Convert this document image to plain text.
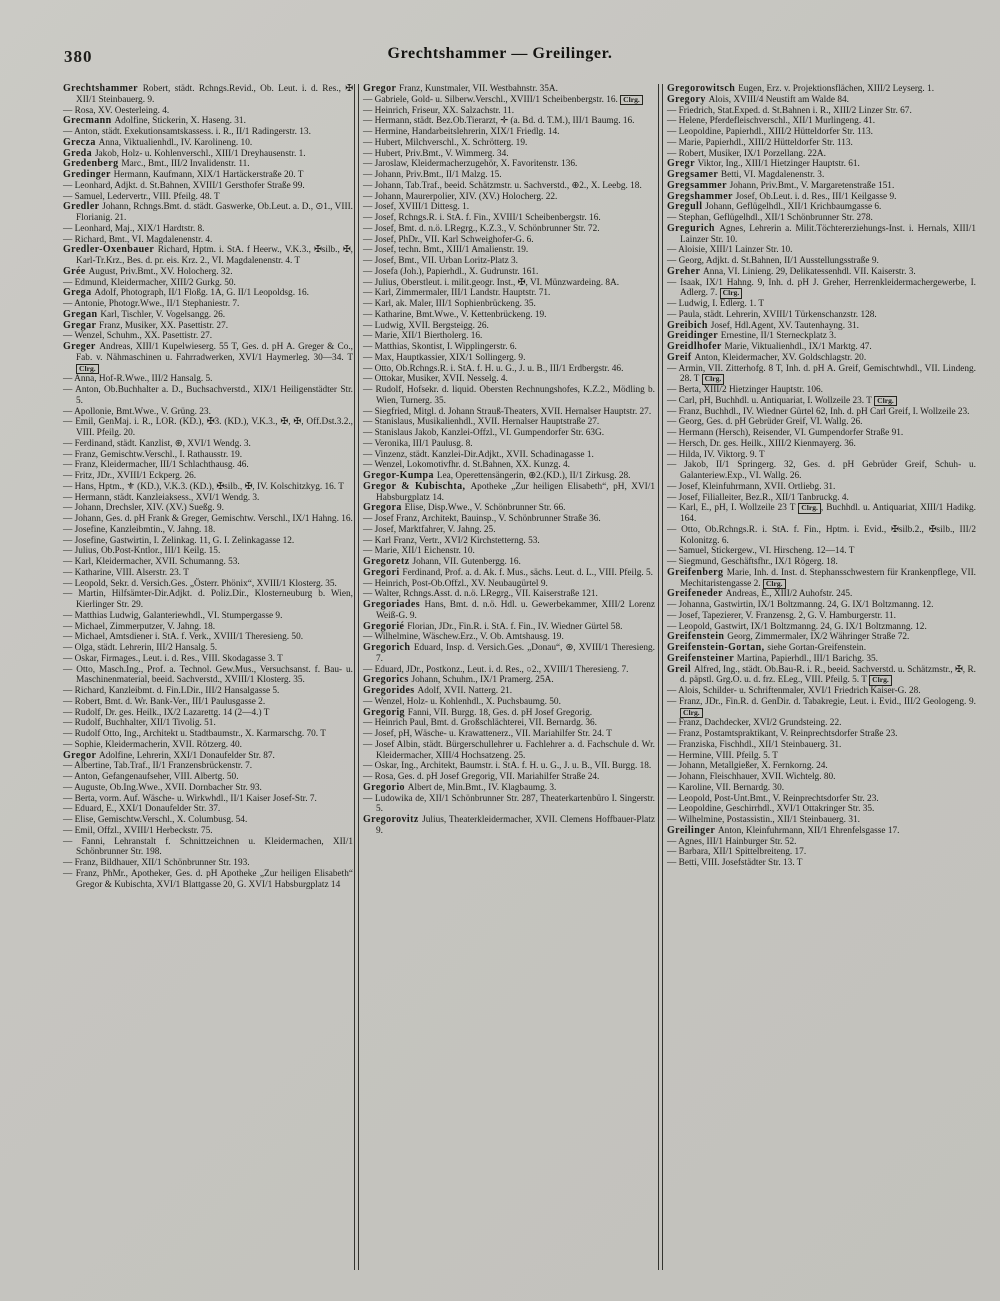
380	Grechtshammer — Greilinger.
Grechtshammer Robert, städt. Rchngs.Revid., Ob. Leut. i. d. Res., ✠ XII/1 Steinbauerg. 9.
— Rosa, XV. Oesterleing. 4.
Grecmann Adolfine, Stickerin, X. Haseng. 31.
— Anton, städt. Exekutionsamtskassess. i. R., II/1 Radingerstr. 13.
Grecza Anna, Viktualienhdl., IV. Karolineng. 10.
Greda Jakob, Holz- u. Kohlenverschl., XIII/1 Dreyhausenstr. 1.
Gredenberg Marc., Bmt., III/2 Invalidenstr. 11.
Gredinger Hermann, Kaufmann, XIX/1 Hartäckerstraße 20. T
— Leonhard, Adjkt. d. St.Bahnen, XVIII/1 Gersthofer Straße 99.
— Samuel, Ledervertr., VIII. Pfeilg. 48. T
Gredler Johann, Rchngs.Bmt. d. städt. Gaswerke, Ob.Leut. a. D., ⊙1., VIII. Florianig. 21.
— Leonhard, Maj., XIX/1 Hardtstr. 8.
— Richard, Bmt., VI. Magdalenenstr. 4.
Gredler-Oxenbauer Richard, Hptm. i. StA. f Heerw., V.K.3., ✠silb., ✠, Karl-Tr.Krz., Bes. d. pr. eis. Krz. 2., VI. Magdalenenstr. 4. T
Grée August, Priv.Bmt., XV. Holocherg. 32.
— Edmund, Kleidermacher, XIII/2 Gurkg. 50.
Grega Adolf, Photograph, II/1 Floßg. 1A, G. II/1 Leopoldsg. 16.
— Antonie, Photogr.Wwe., II/1 Stephaniestr. 7.
Gregan Karl, Tischler, V. Vogelsangg. 26.
Gregar Franz, Musiker, XX. Pasettistr. 27.
— Wenzel, Schuhm., XX. Pasettistr. 27.
Greger Andreas, XIII/1 Kupelwieserg. 55 T, Ges. d. pH A. Greger & Co., Fab. v. Nähmaschinen u. Fahrradwerken, XVI/1 Haymerleg. 30—34. T Clrg.
— Anna, Hof-R.Wwe., III/2 Hansalg. 5.
— Anton, Ob.Buchhalter a. D., Buchsachverstd., XIX/1 Heiligenstädter Str. 5.
— Apollonie, Bmt.Wwe., V. Grüng. 23.
— Emil, GenMaj. i. R., LOR. (KD.), ✠3. (KD.), V.K.3., ✠, ✠, Off.Dst.3.2., VIII. Pfeilg. 20.
— Ferdinand, städt. Kanzlist, ⊛, XVI/1 Wendg. 3.
— Franz, Gemischtw.Verschl., I. Rathausstr. 19.
— Franz, Kleidermacher, III/1 Schlachthausg. 46.
— Fritz, JDr., XVIII/1 Eckperg. 26.
— Hans, Hptm., ⚜ (KD.), V.K.3. (KD.), ✠silb., ✠, IV. Kolschitzkyg. 16. T
— Hermann, städt. Kanzleiaksess., XVI/1 Wendg. 3.
— Johann, Drechsler, XIV. (XV.) Sueßg. 9.
— Johann, Ges. d. pH Frank & Greger, Gemischtw. Verschl., IX/1 Hahng. 16.
— Josefine, Kanzleibmtin., V. Jahng. 18.
— Josefine, Gastwirtin, I. Zelinkag. 11, G. I. Zelinkagasse 12.
— Julius, Ob.Post-Kntlor., III/1 Keilg. 15.
— Karl, Kleidermacher, XVII. Schumanng. 53.
— Katharine, VIII. Alserstr. 23. T
— Leopold, Sekr. d. Versich.Ges. „Österr. Phönix“, XVIII/1 Klosterg. 35.
— Martin, Hilfsämter-Dir.Adjkt. d. Poliz.Dir., Klosterneuburg b. Wien, Kierlinger Str. 29.
— Matthias Ludwig, Galanteriewhdl., VI. Stumpergasse 9.
— Michael, Zimmerputzer, V. Jahng. 18.
— Michael, Amtsdiener i. StA. f. Verk., XVIII/1 Theresieng. 50.
— Olga, städt. Lehrerin, III/2 Hansalg. 5.
— Oskar, Firmages., Leut. i. d. Res., VIII. Skodagasse 3. T
— Otto, Masch.Ing., Prof. a. Technol. Gew.Mus., Versuchsanst. f. Bau- u. Maschinenmaterial, beeid. Sachverstd., XVIII/1 Klosterg. 35.
— Richard, Kanzleibmt. d. Fin.LDir., III/2 Hansalgasse 5.
— Robert, Bmt. d. Wr. Bank-Ver., III/1 Paulusgasse 2.
— Rudolf, Dr. ges. Heilk., IX/2 Lazarettg. 14 (2—4.) T
— Rudolf, Buchhalter, XII/1 Tivolig. 51.
— Rudolf Otto, Ing., Architekt u. Stadtbaumstr., X. Karmarschg. 70. T
— Sophie, Kleidermacherin, XVII. Rötzerg. 40.
Gregor Adolfine, Lehrerin, XXI/1 Donaufelder Str. 87.
— Albertine, Tab.Traf., II/1 Franzensbrückenstr. 7.
— Anton, Gefangenaufseher, VIII. Albertg. 50.
— Auguste, Ob.Ing.Wwe., XVII. Dornbacher Str. 93.
— Berta, vorm. Auf. Wäsche- u. Wirkwhdl., II/1 Kaiser Josef-Str. 7.
— Eduard, E., XXI/1 Donaufelder Str. 37.
— Elise, Gemischtw.Verschl., X. Columbusg. 54.
— Emil, Offzl., XVIII/1 Herbeckstr. 75.
— Fanni, Lehranstalt f. Schnittzeichnen u. Kleidermachen, XII/1 Schönbrunner Str. 198.
— Franz, Bildhauer, XII/1 Schönbrunner Str. 193.
— Franz, PhMr., Apotheker, Ges. d. pH Apotheke „Zur heiligen Elisabeth“ Gregor & Kubischta, XVI/1 Blattgasse 20, G. XVI/1 Habsburgplatz 14
Gregor Franz, Kunstmaler, VII. Westbahnstr. 35A.
— Gabriele, Gold- u. Silberw.Verschl., XVIII/1 Scheibenbergstr. 16. Clrg.
— Heinrich, Friseur, XX. Salzachstr. 11.
— Hermann, städt. Bez.Ob.Tierarzt, ✛ (a. Bd. d. T.M.), III/1 Baumg. 16.
— Hermine, Handarbeitslehrerin, XIX/1 Friedlg. 14.
— Hubert, Milchverschl., X. Schrötterg. 19.
— Hubert, Priv.Bmt., V. Wimmerg. 34.
— Jaroslaw, Kleidermacherzugehör, X. Favoritenstr. 136.
— Johann, Priv.Bmt., II/1 Malzg. 15.
— Johann, Tab.Traf., beeid. Schätzmstr. u. Sachverstd., ⊕2., X. Leebg. 18.
— Johann, Maurerpolier, XIV. (XV.) Holocherg. 22.
— Josef, XVIII/1 Dittesg. 1.
— Josef, Rchngs.R. i. StA. f. Fin., XVIII/1 Scheibenbergstr. 16.
— Josef, Bmt. d. n.ö. LRegrg., K.Z.3., V. Schönbrunner Str. 72.
— Josef, PhDr., VII. Karl Schweighofer-G. 6.
— Josef, techn. Bmt., XIII/1 Amalienstr. 19.
— Josef, Bmt., VII. Urban Loritz-Platz 3.
— Josefa (Joh.), Papierhdl., X. Gudrunstr. 161.
— Julius, Oberstleut. i. milit.geogr. Inst., ✠, VI. Münzwardeing. 8A.
— Karl, Zimmermaler, III/1 Landstr. Hauptstr. 71.
— Karl, ak. Maler, III/1 Sophienbrückeng. 35.
— Katharine, Bmt.Wwe., V. Kettenbrückeng. 19.
— Ludwig, XVII. Bergsteigg. 26.
— Marie, XII/1 Biertholerg. 16.
— Matthias, Skontist, I. Wipplingerstr. 6.
— Max, Hauptkassier, XIX/1 Sollingerg. 9.
— Otto, Ob.Rchngs.R. i. StA. f. H. u. G., J. u. B., III/1 Erdbergstr. 46.
— Ottokar, Musiker, XVII. Nesselg. 4.
— Rudolf, Hofsekr. d. liquid. Obersten Rechnungshofes, K.Z.2., Mödling b. Wien, Turnerg. 35.
— Siegfried, Mitgl. d. Johann Strauß-Theaters, XVII. Hernalser Hauptstr. 27.
— Stanislaus, Musikalienhdl., XVII. Hernalser Hauptstraße 27.
— Stanislaus Jakob, Kanzlei-Offzl., VI. Gumpendorfer Str. 63G.
— Veronika, III/1 Paulusg. 8.
— Vinzenz, städt. Kanzlei-Dir.Adjkt., XVII. Schadinagasse 1.
— Wenzel, Lokomotivfhr. d. St.Bahnen, XX. Kunzg. 4.
Gregor-Kumpa Lea, Operettensängerin, ⊕2.(KD.), II/1 Zirkusg. 28.
Gregor & Kubischta, Apotheke „Zur heiligen Elisabeth“, pH, XVI/1 Habsburgplatz 14.
Gregora Elise, Disp.Wwe., V. Schönbrunner Str. 66.
— Josef Franz, Architekt, Bauinsp., V. Schönbrunner Straße 36.
— Josef, Marktfahrer, V. Jahng. 25.
— Karl Franz, Vertr., XVI/2 Kirchstetterng. 53.
— Marie, XII/1 Eichenstr. 10.
Gregoretz Johann, VII. Gutenbergg. 16.
Gregori Ferdinand, Prof. a. d. Ak. f. Mus., sächs. Leut. d. L., VIII. Pfeilg. 5.
— Heinrich, Post-Ob.Offzl., XV. Neubaugürtel 9.
— Walter, Rchngs.Asst. d. n.ö. LRegrg., VII. Kaiserstraße 121.
Gregoriades Hans, Bmt. d. n.ö. Hdl. u. Gewerbekammer, XIII/2 Lorenz Weiß-G. 9.
Gregorié Florian, JDr., Fin.R. i. StA. f. Fin., IV. Wiedner Gürtel 58.
— Wilhelmine, Wäschew.Erz., V. Ob. Amtshausg. 19.
Gregorich Eduard, Insp. d. Versich.Ges. „Donau“, ⊛, XVIII/1 Theresieng. 7.
— Eduard, JDr., Postkonz., Leut. i. d. Res., ○2., XVIII/1 Theresieng. 7.
Gregorics Johann, Schuhm., IX/1 Pramerg. 25A.
Gregorides Adolf, XVII. Natterg. 21.
— Wenzel, Holz- u. Kohlenhdl., X. Puchsbaumg. 50.
Gregorig Fanni, VII. Burgg. 18, Ges. d. pH Josef Gregorig.
— Heinrich Paul, Bmt. d. Großschlächterei, VII. Bernardg. 36.
— Josef, pH, Wäsche- u. Krawattenerz., VII. Mariahilfer Str. 24. T
— Josef Albin, städt. Bürgerschullehrer u. Fachlehrer a. d. Fachschule d. Wr. Kleidermacher, XIII/4 Hochsatzeng. 25.
— Oskar, Ing., Architekt, Baumstr. i. StA. f. H. u. G., J. u. B., VII. Burgg. 18.
— Rosa, Ges. d. pH Josef Gregorig, VII. Mariahilfer Straße 24.
Gregorio Albert de, Min.Bmt., IV. Klagbaumg. 3.
— Ludowika de, XII/1 Schönbrunner Str. 287, Theaterkartenbüro I. Singerstr. 5.
Gregorovitz Julius, Theaterkleidermacher, XVII. Clemens Hoffbauer-Platz 9.
Gregorowitsch Eugen, Erz. v. Projektionsflächen, XIII/2 Leyserg. 1.
Gregory Alois, XVIII/4 Neustift am Walde 84.
— Friedrich, Stat.Exped. d. St.Bahnen i. R., XIII/2 Linzer Str. 67.
— Helene, Pferdefleischverschl., XII/1 Murlingeng. 41.
— Leopoldine, Papierhdl., XIII/2 Hütteldorfer Str. 113.
— Marie, Papierhdl., XIII/2 Hütteldorfer Str. 113.
— Robert, Musiker, IX/1 Porzellang. 22A.
Gregr Viktor, Ing., XIII/1 Hietzinger Hauptstr. 61.
Gregsamer Betti, VI. Magdalenenstr. 3.
Gregsammer Johann, Priv.Bmt., V. Margaretenstraße 151.
Gregshammer Josef, Ob.Leut. i. d. Res., III/1 Keilgasse 9.
Gregull Johann, Geflügelhdl., XII/1 Krichbaumgasse 6.
— Stephan, Geflügelhdl., XII/1 Schönbrunner Str. 278.
Gregurich Agnes, Lehrerin a. Milit.Töchtererziehungs-Inst. i. Hernals, XIII/1 Lainzer Str. 10.
— Aloisie, XIII/1 Lainzer Str. 10.
— Georg, Adjkt. d. St.Bahnen, II/1 Ausstellungsstraße 9.
Greher Anna, VI. Linieng. 29, Delikatessenhdl. VII. Kaiserstr. 3.
— Isaak, IX/1 Hahng. 9, Inh. d. pH J. Greher, Herrenkleidermachergewerbe, I. Adlerg. 7. Clrg.
— Ludwig, I. Edlerg. 1. T
— Paula, städt. Lehrerin, XVIII/1 Türkenschanzstr. 128.
Greibich Josef, Hdl.Agent, XV. Tautenhayng. 31.
Greidinger Ernestine, II/1 Sterneckplatz 3.
Greidlhofer Marie, Viktualienhdl., IX/1 Marktg. 47.
Greif Anton, Kleidermacher, XV. Goldschlagstr. 20.
— Armin, VII. Zitterhofg. 8 T, Inh. d. pH A. Greif, Gemischtwhdl., VII. Lindeng. 28. T Clrg.
— Berta, XIII/2 Hietzinger Hauptstr. 106.
— Carl, pH, Buchhdl. u. Antiquariat, I. Wollzeile 23. T Clrg.
— Franz, Buchhdl., IV. Wiedner Gürtel 62, Inh. d. pH Carl Greif, I. Wollzeile 23.
— Georg, Ges. d. pH Gebrüder Greif, VI. Wallg. 26.
— Hermann (Hersch), Reisender, VI. Gumpendorfer Straße 91.
— Hersch, Dr. ges. Heilk., XIII/2 Kienmayerg. 36.
— Hilda, IV. Viktorg. 9. T
— Jakob, II/1 Springerg. 32, Ges. d. pH Gebrüder Greif, Schuh- u. Galanteriew.Exp., VI. Wallg. 26.
— Josef, Kleinfuhrmann, XVII. Ortliebg. 31.
— Josef, Filialleiter, Bez.R., XII/1 Tanbruckg. 4.
— Karl, E., pH, I. Wollzeile 23 T Clrg. , Buchhdl. u. Antiquariat, XIII/1 Hadikg. 164.
— Otto, Ob.Rchngs.R. i. StA. f. Fin., Hptm. i. Evid., ✠silb.2., ✠silb., III/2 Kolonitzg. 6.
— Samuel, Stickergew., VI. Hirscheng. 12—14. T
— Siegmund, Geschäftsfhr., IX/1 Rögerg. 18.
Greifenberg Marie, Inh. d. Inst. d. Stephansschwestern für Krankenpflege, VII. Mechitaristengasse 2. Clrg.
Greifeneder Andreas, E., XIII/2 Auhofstr. 245.
— Johanna, Gastwirtin, IX/1 Boltzmanng. 24, G. IX/1 Boltzmanng. 12.
— Josef, Tapezierer, V. Franzensg. 2, G. V. Hamburgerstr. 11.
— Leopold, Gastwirt, IX/1 Boltzmanng. 24, G. IX/1 Boltzmanng. 12.
Greifenstein Georg, Zimmermaler, IX/2 Währinger Straße 72.
Greifenstein-Gortan, siehe Gortan-Greifenstein.
Greifensteiner Martina, Papierhdl., III/1 Barichg. 35.
Greil Alfred, Ing., städt. Ob.Bau-R. i. R., beeid. Sachverstd. u. Schätzmstr., ✠, R. d. päpstl. Grg.O. u. d. frz. ELeg., VIII. Pfeilg. 5. T Clrg.
— Alois, Schilder- u. Schriftenmaler, XVI/1 Friedrich Kaiser-G. 28.
— Franz, JDr., Fin.R. d. GenDir. d. Tabakregie, Leut. i. Evid., III/2 Geologeng. 9. Clrg.
— Franz, Dachdecker, XVI/2 Grundsteing. 22.
— Franz, Postamtspraktikant, V. Reinprechtsdorfer Straße 23.
— Franziska, Fischhdl., XII/1 Steinbauerg. 31.
— Hermine, VIII. Pfeilg. 5. T
— Johann, Metallgießer, X. Fernkorng. 24.
— Johann, Fleischhauer, XVII. Wichtelg. 80.
— Karoline, VII. Bernardg. 30.
— Leopold, Post-Unt.Bmt., V. Reinprechtsdorfer Str. 23.
— Leopoldine, Geschirrhdl., XVI/1 Ottakringer Str. 35.
— Wilhelmine, Postassistin., XII/1 Steinbauerg. 31.
Greilinger Anton, Kleinfuhrmann, XII/1 Ehrenfelsgasse 17.
— Agnes, III/1 Hainburger Str. 52.
— Barbara, XII/1 Spittelbreiteng. 17.
— Betti, VIII. Josefstädter Str. 13. T
